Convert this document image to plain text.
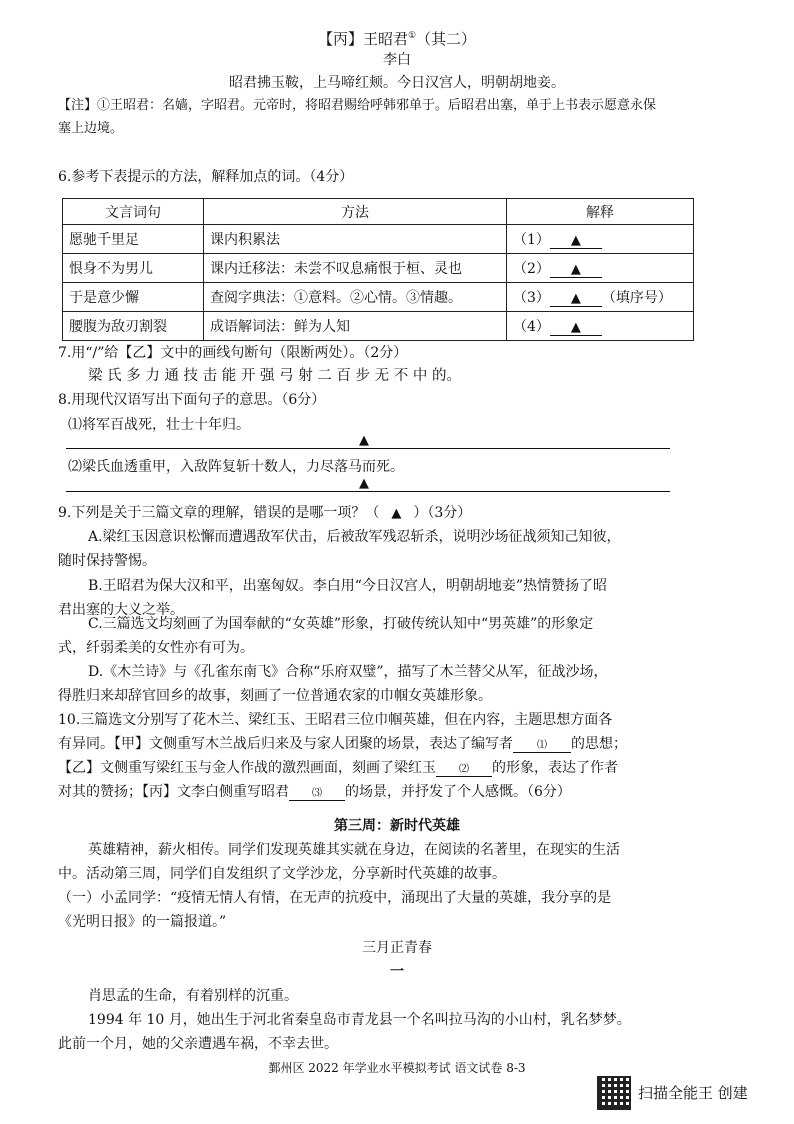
【丙】王昭君①（其二）
李白
昭君拂玉鞍，上马啼红颊。今日汉宫人，明朝胡地妾。
【注】①王昭君：名嫱，字昭君。元帝时，将昭君赐给呼韩邪单于。后昭君出塞，单于上书表示愿意永保
塞上边境。
6.参考下表提示的方法，解释加点的词。（4分）
文言词句	方法	解释
愿驰千里足	课内积累法	（1） ▲
恨身不为男儿	课内迁移法：未尝不叹息痛恨于桓、灵也	（2） ▲
于是意少懈	查阅字典法：①意料。②心情。③情趣。	（3） ▲ （填序号）
腰腹为敌刃割裂	成语解词法：鲜为人知	（4） ▲
7.用“/”给【乙】文中的画线句断句（限断两处）。（2分）
梁 氏 多 力 通 技 击 能 开 强 弓 射 二 百 步 无 不 中 的。
8.用现代汉语写出下面句子的意思。（6分）
⑴将军百战死，壮士十年归。
▲
⑵梁氏血透重甲，入敌阵复斩十数人，力尽落马而死。
▲
9.下列是关于三篇文章的理解，错误的是哪一项？（ ▲ ）（3分）
A.梁红玉因意识松懈而遭遇敌军伏击，后被敌军残忍斩杀，说明沙场征战须知己知彼，
随时保持警惕。
B.王昭君为保大汉和平，出塞匈奴。李白用“今日汉宫人，明朝胡地妾”热情赞扬了昭
君出塞的大义之举。
C.三篇选文均刻画了为国奉献的“女英雄”形象，打破传统认知中“男英雄”的形象定
式，纤弱柔美的女性亦有可为。
D.《木兰诗》与《孔雀东南飞》合称“乐府双璧”，描写了木兰替父从军，征战沙场，
得胜归来却辞官回乡的故事，刻画了一位普通农家的巾帼女英雄形象。
10.三篇选文分别写了花木兰、梁红玉、王昭君三位巾帼英雄，但在内容，主题思想方面各
有异同。【甲】文侧重写木兰战后归来及与家人团聚的场景，表达了编写者 ⑴ 的思想；
【乙】文侧重写梁红玉与金人作战的激烈画面，刻画了梁红玉 ⑵ 的形象，表达了作者
对其的赞扬；【丙】文李白侧重写昭君 ⑶ 的场景，并抒发了个人感慨。（6分）
第三周：新时代英雄
英雄精神，薪火相传。同学们发现英雄其实就在身边，在阅读的名著里，在现实的生活
中。活动第三周，同学们自发组织了文学沙龙，分享新时代英雄的故事。
（一）小孟同学：“疫情无情人有情，在无声的抗疫中，涌现出了大量的英雄，我分享的是
《光明日报》的一篇报道。”
三月正青春
一
肖思孟的生命，有着别样的沉重。
1994 年 10 月，她出生于河北省秦皇岛市青龙县一个名叫拉马沟的小山村，乳名梦梦。
此前一个月，她的父亲遭遇车祸，不幸去世。
鄞州区 2022 年学业水平模拟考试 语文试卷 8-3
扫描全能王 创建
